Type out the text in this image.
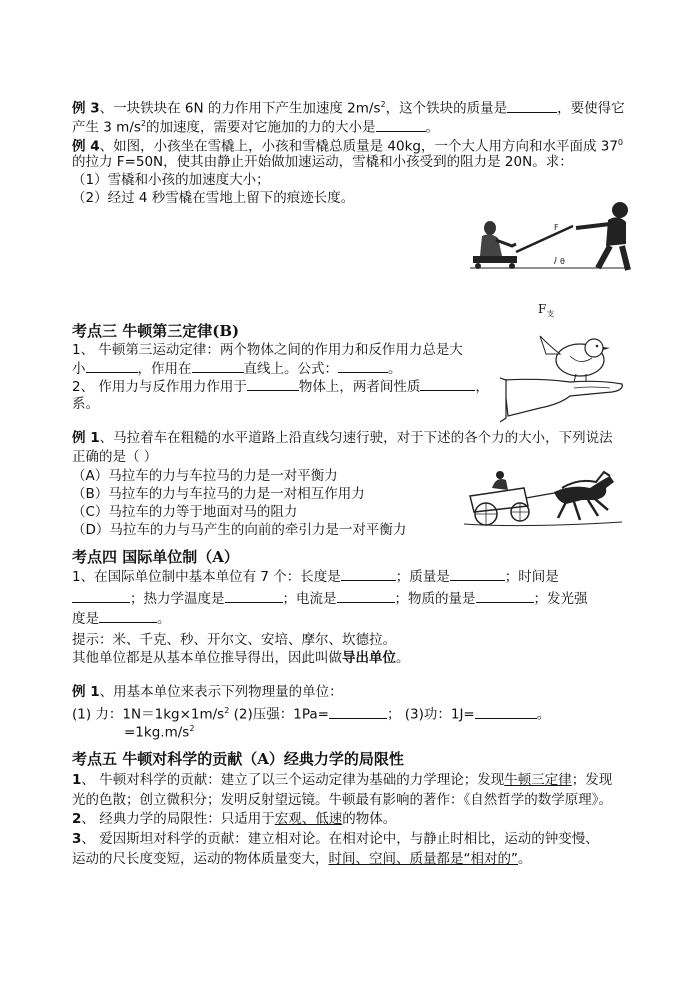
例 3、一块铁块在 6N 的力作用下产生加速度 $2m/s^2$，这个铁块的质量是	，要使得它
产生 3 $m/s^2$的加速度，需要对它施加的力的大小是	。
例 4、如图，小孩坐在雪橇上，小孩和雪橇总质量是 40kg，一个大人用方向和水平面成 $37^0$
的拉力 F=50N，使其由静止开始做加速运动，雪橇和小孩受到的阻力是 20N。求：
（1）雪橇和小孩的加速度大小；
（2）经过 4 秒雪橇在雪地上留下的痕迹长度。
F
θ
$F_支$
考点三 牛顿第三定律(B)
1、 牛顿第三运动定律：两个物体之间的作用力和反作用力总是大
小	，作用在	直线上。公式：	。
2、 作用力与反作用力作用于	物体上，两者间性质	，
系。
例 1、马拉着车在粗糙的水平道路上沿直线匀速行驶，对于下述的各个力的大小，下列说法
正确的是（ ）
（A）马拉车的力与车拉马的力是一对平衡力
（B）马拉车的力与车拉马的力是一对相互作用力
（C）马拉车的力等于地面对马的阻力
（D）马拉车的力与马产生的向前的牵引力是一对平衡力
考点四 国际单位制（A）
1、在国际单位制中基本单位有 7 个：长度是	；质量是	；时间是
；热力学温度是	；电流是	；物质的量是	；发光强
度是	。
提示：米、千克、秒、开尔文、安培、摩尔、坎德拉。
其他单位都是从基本单位推导得出，因此叫做导出单位。
例 1、用基本单位来表示下列物理量的单位：
(1) 力：$1N=1kg\times 1m/s^2$ (2)压强：1Pa=	； (3)功：1J=	。
$=1kg.m/s^2$
考点五 牛顿对科学的贡献（A）经典力学的局限性
1、 牛顿对科学的贡献：建立了以三个运动定律为基础的力学理论；发现牛顿三定律；发现
光的色散；创立微积分；发明反射望远镜。牛顿最有影响的著作：《自然哲学的数学原理》。
2、 经典力学的局限性：只适用于宏观、低速的物体。
3、 爱因斯坦对科学的贡献：建立相对论。在相对论中，与静止时相比，运动的钟变慢、
运动的尺长度变短，运动的物体质量变大，时间、空间、质量都是“相对的”。
